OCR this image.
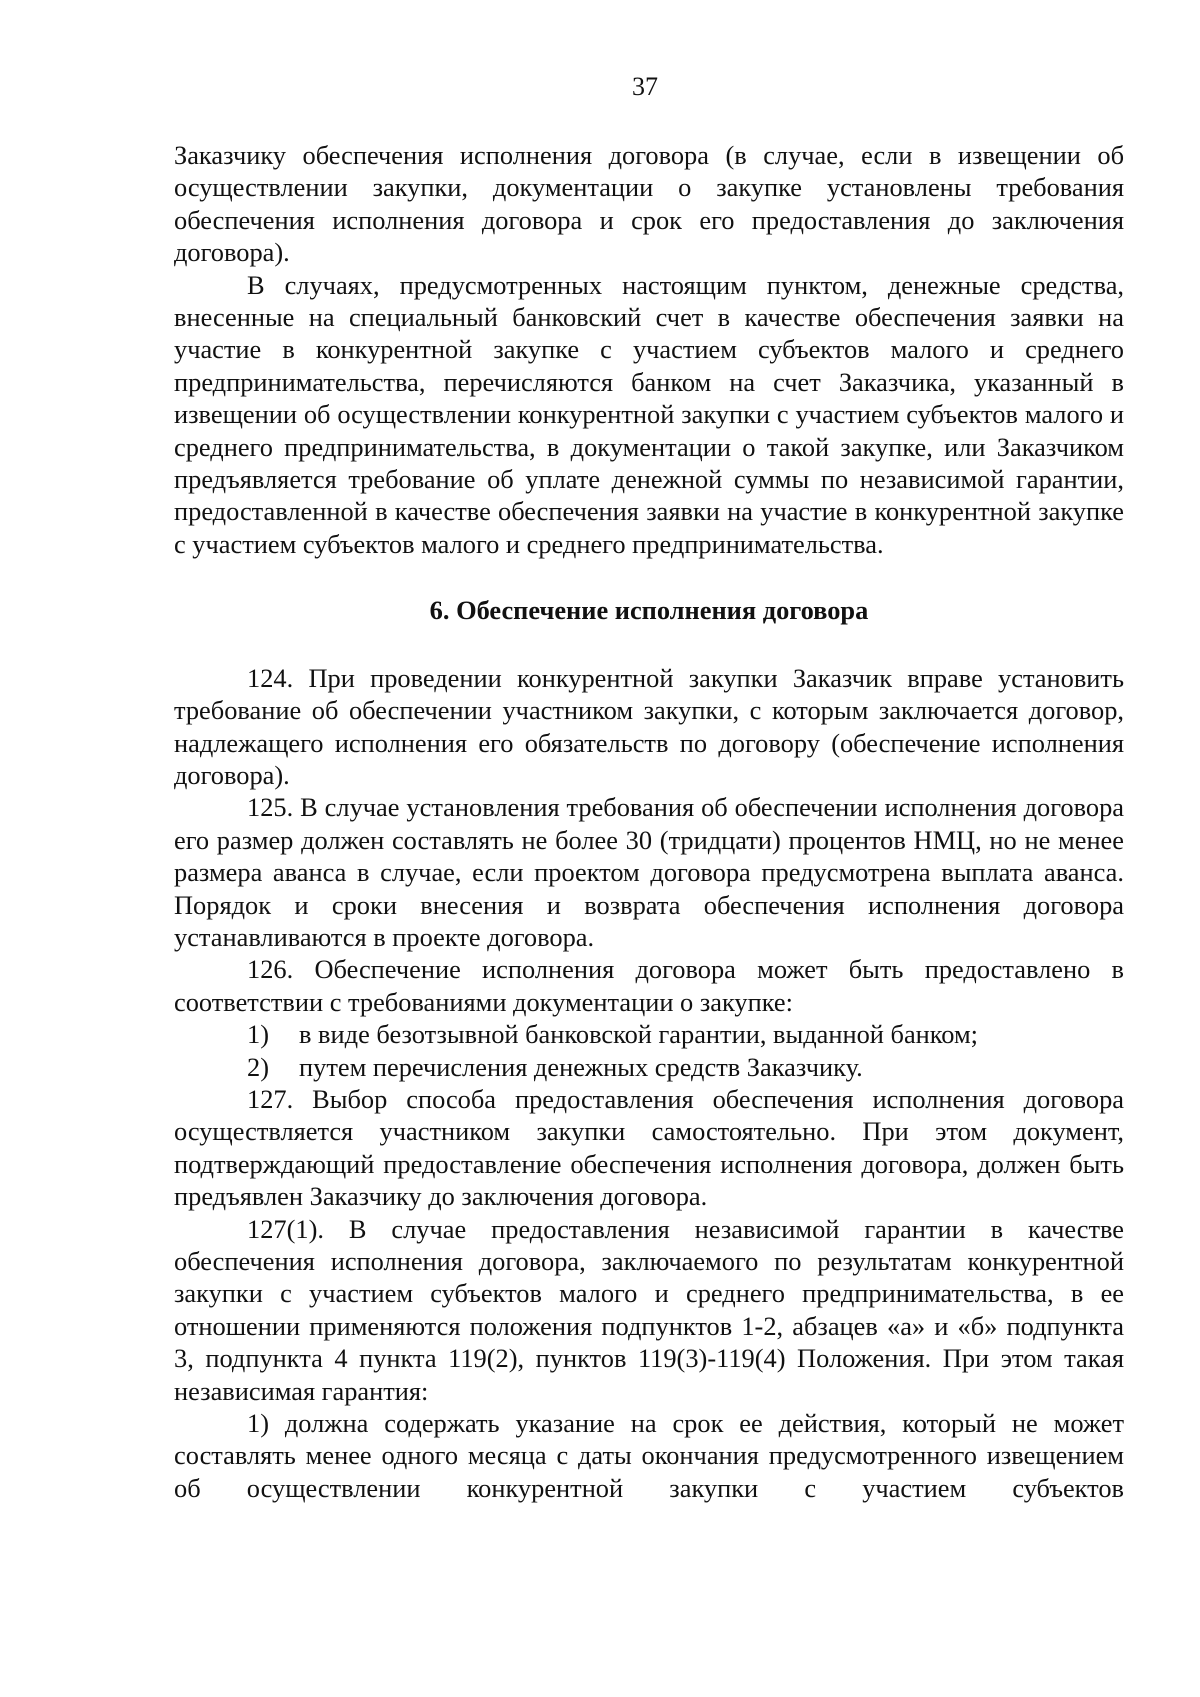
37

Заказчику обеспечения исполнения договора (в случае, если в извещении об осуществлении закупки, документации о закупке установлены требования обеспечения исполнения договора и срок его предоставления до заключения договора).

В случаях, предусмотренных настоящим пунктом, денежные средства, внесенные на специальный банковский счет в качестве обеспечения заявки на участие в конкурентной закупке с участием субъектов малого и среднего предпринимательства, перечисляются банком на счет Заказчика, указанный в извещении об осуществлении конкурентной закупки с участием субъектов малого и среднего предпринимательства, в документации о такой закупке, или Заказчиком предъявляется требование об уплате денежной суммы по независимой гарантии, предоставленной в качестве обеспечения заявки на участие в конкурентной закупке с участием субъектов малого и среднего предпринимательства.

6. Обеспечение исполнения договора

124. При проведении конкурентной закупки Заказчик вправе установить требование об обеспечении участником закупки, с которым заключается договор, надлежащего исполнения его обязательств по договору (обеспечение исполнения договора).

125. В случае установления требования об обеспечении исполнения договора его размер должен составлять не более 30 (тридцати) процентов НМЦ, но не менее размера аванса в случае, если проектом договора предусмотрена выплата аванса. Порядок и сроки внесения и возврата обеспечения исполнения договора устанавливаются в проекте договора.

126. Обеспечение исполнения договора может быть предоставлено в соответствии с требованиями документации о закупке:

1)	в виде безотзывной банковской гарантии, выданной банком;
2)	путем перечисления денежных средств Заказчику.

127. Выбор способа предоставления обеспечения исполнения договора осуществляется участником закупки самостоятельно. При этом документ, подтверждающий предоставление обеспечения исполнения договора, должен быть предъявлен Заказчику до заключения договора.

127(1). В случае предоставления независимой гарантии в качестве обеспечения исполнения договора, заключаемого по результатам конкурентной закупки с участием субъектов малого и среднего предпринимательства, в ее отношении применяются положения подпунктов 1-2, абзацев «а» и «б» подпункта 3, подпункта 4 пункта 119(2), пунктов 119(3)-119(4) Положения. При этом такая независимая гарантия:

1) должна содержать указание на срок ее действия, который не может составлять менее одного месяца с даты окончания предусмотренного извещением об осуществлении конкурентной закупки с участием субъектов
